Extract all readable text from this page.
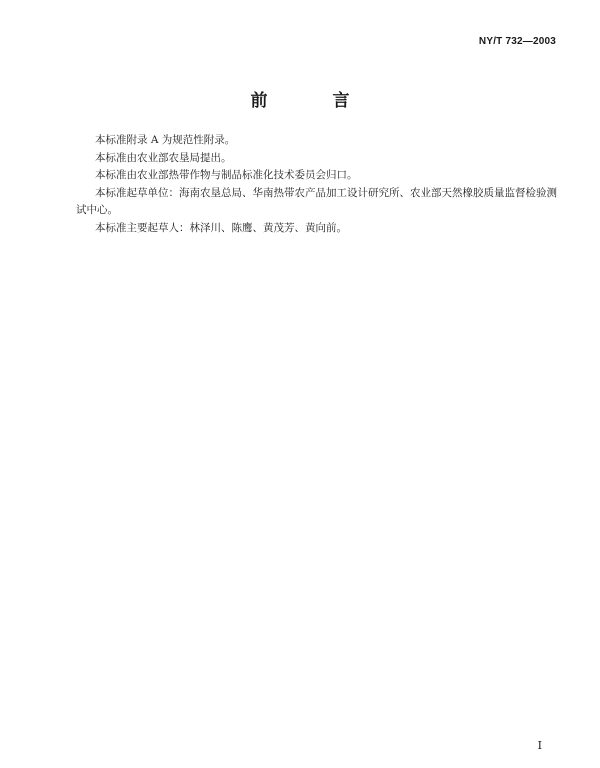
NY/T 732—2003
前　言

本标准附录 A 为规范性附录。

本标准由农业部农垦局提出。

本标准由农业部热带作物与制品标准化技术委员会归口。

本标准起草单位：海南农垦总局、华南热带农产品加工设计研究所、农业部天然橡胶质量监督检验测试中心。

本标准主要起草人：林泽川、陈鹰、黄茂芳、黄向前。

I
